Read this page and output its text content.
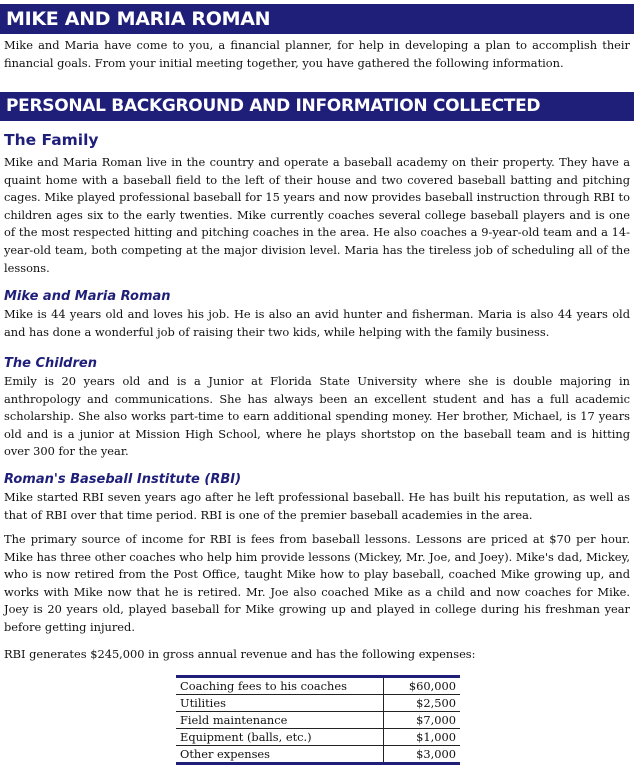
MIKE AND MARIA ROMAN

Mike and Maria have come to you, a financial planner, for help in developing a plan to accomplish their financial goals. From your initial meeting together, you have gathered the following information.

PERSONAL BACKGROUND AND INFORMATION COLLECTED
The Family

Mike and Maria Roman live in the country and operate a baseball academy on their property. They have a quaint home with a baseball field to the left of their house and two covered baseball batting and pitching cages. Mike played professional baseball for 15 years and now provides baseball instruction through RBI to children ages six to the early twenties. Mike currently coaches several college baseball players and is one of the most respected hitting and pitching coaches in the area. He also coaches a 9-year-old team and a 14-year-old team, both competing at the major division level. Maria has the tireless job of scheduling all of the lessons.

Mike and Maria Roman

Mike is 44 years old and loves his job. He is also an avid hunter and fisherman. Maria is also 44 years old and has done a wonderful job of raising their two kids, while helping with the family business.

The Children

Emily is 20 years old and is a Junior at Florida State University where she is double majoring in anthropology and communications. She has always been an excellent student and has a full academic scholarship. She also works part-time to earn additional spending money. Her brother, Michael, is 17 years old and is a junior at Mission High School, where he plays shortstop on the baseball team and is hitting over 300 for the year.

Roman's Baseball Institute (RBI)

Mike started RBI seven years ago after he left professional baseball. He has built his reputation, as well as that of RBI over that time period. RBI is one of the premier baseball academies in the area.

The primary source of income for RBI is fees from baseball lessons. Lessons are priced at $70 per hour. Mike has three other coaches who help him provide lessons (Mickey, Mr. Joe, and Joey). Mike's dad, Mickey, who is now retired from the Post Office, taught Mike how to play baseball, coached Mike growing up, and works with Mike now that he is retired. Mr. Joe also coached Mike as a child and now coaches for Mike. Joey is 20 years old, played baseball for Mike growing up and played in college during his freshman year before getting injured.

RBI generates $245,000 in gross annual revenue and has the following expenses:

Coaching fees to his coaches	$60,000
Utilities	$2,500
Field maintenance	$7,000
Equipment (balls, etc.)	$1,000
Other expenses	$3,000
